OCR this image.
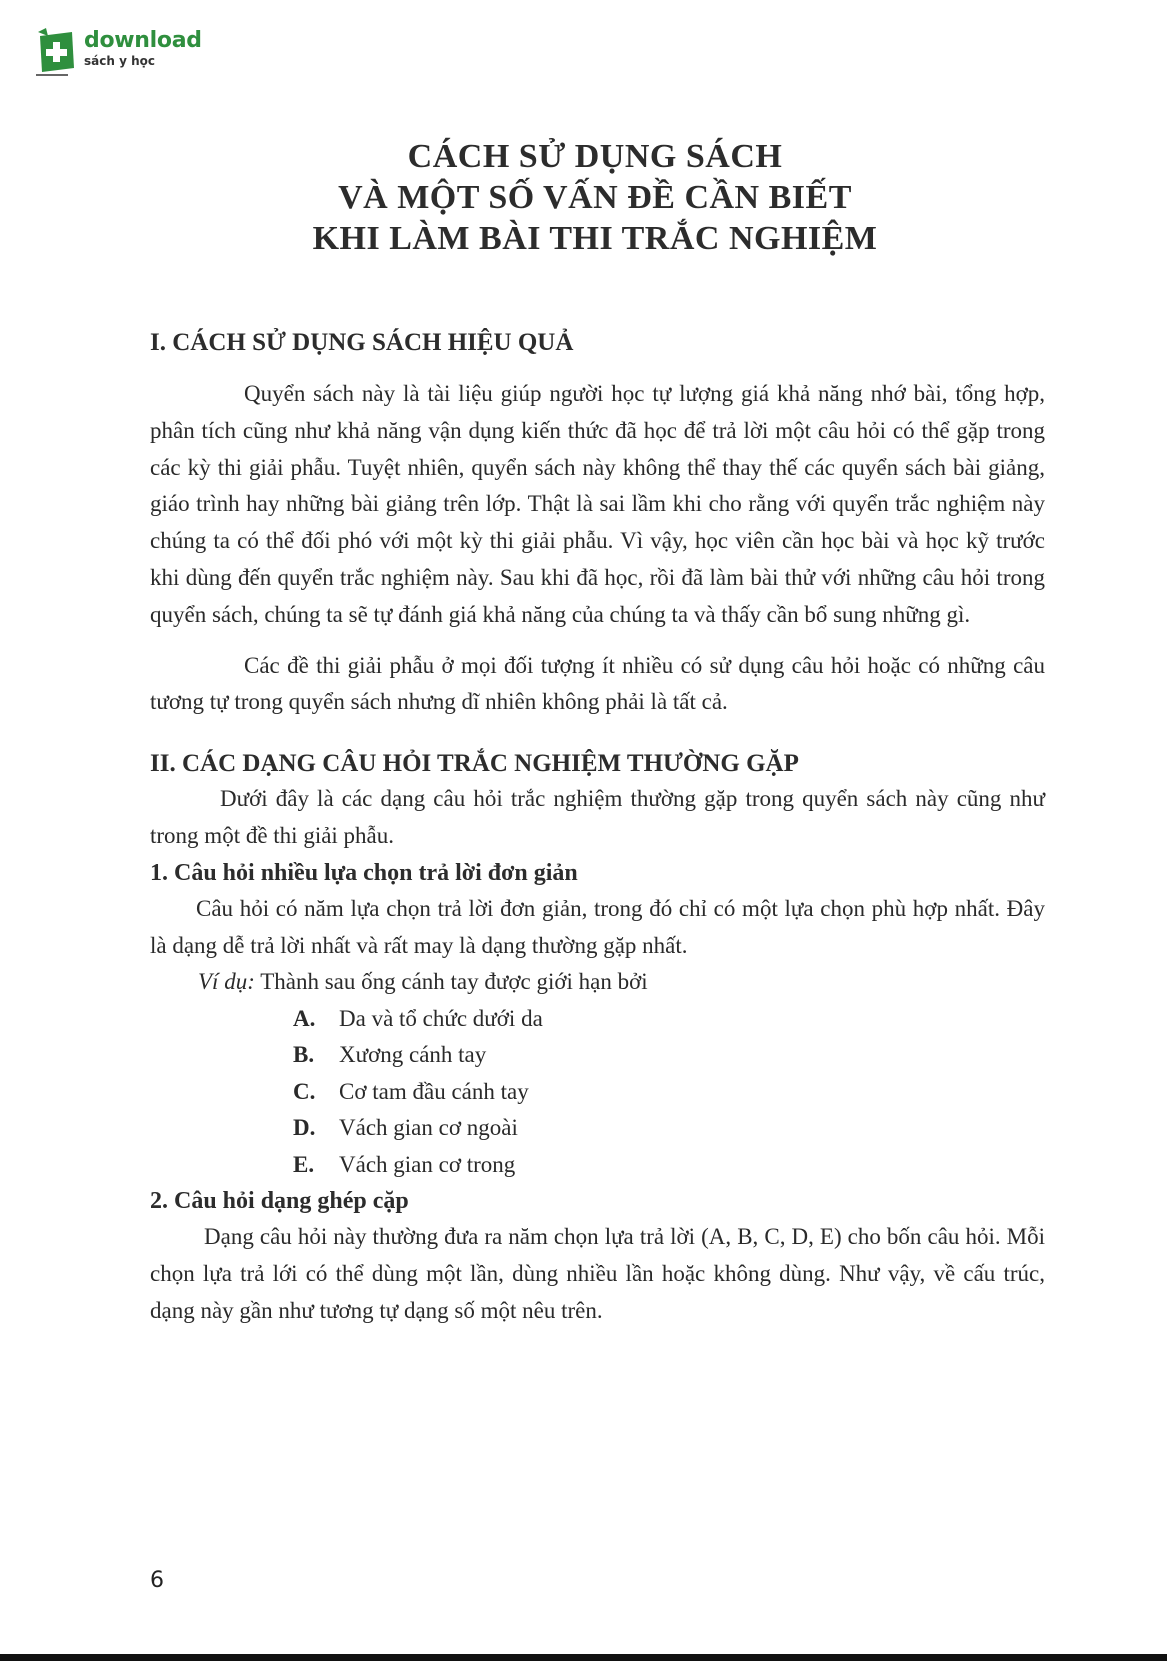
download
sách y học
CÁCH SỬ DỤNG SÁCH
VÀ MỘT SỐ VẤN ĐỀ CẦN BIẾT
KHI LÀM BÀI THI TRẮC NGHIỆM
I. CÁCH SỬ DỤNG SÁCH HIỆU QUẢ

Quyển sách này là tài liệu giúp người học tự lượng giá khả năng nhớ bài, tổng hợp, phân tích cũng như khả năng vận dụng kiến thức đã học để trả lời một câu hỏi có thể gặp trong các kỳ thi giải phẫu. Tuyệt nhiên, quyển sách này không thể thay thế các quyển sách bài giảng, giáo trình hay những bài giảng trên lớp. Thật là sai lầm khi cho rằng với quyển trắc nghiệm này chúng ta có thể đối phó với một kỳ thi giải phẫu. Vì vậy, học viên cần học bài và học kỹ trước khi dùng đến quyển trắc nghiệm này. Sau khi đã học, rồi đã làm bài thử với những câu hỏi trong quyển sách, chúng ta sẽ tự đánh giá khả năng của chúng ta và thấy cần bổ sung những gì.

Các đề thi giải phẫu ở mọi đối tượng ít nhiều có sử dụng câu hỏi hoặc có những câu tương tự trong quyển sách nhưng dĩ nhiên không phải là tất cả.

II. CÁC DẠNG CÂU HỎI TRẮC NGHIỆM THƯỜNG GẶP

Dưới đây là các dạng câu hỏi trắc nghiệm thường gặp trong quyển sách này cũng như trong một đề thi giải phẫu.

1. Câu hỏi nhiều lựa chọn trả lời đơn giản

Câu hỏi có năm lựa chọn trả lời đơn giản, trong đó chỉ có một lựa chọn phù hợp nhất. Đây là dạng dễ trả lời nhất và rất may là dạng thường gặp nhất.

Ví dụ: Thành sau ống cánh tay được giới hạn bởi
A. Da và tổ chức dưới da
B. Xương cánh tay
C. Cơ tam đầu cánh tay
D. Vách gian cơ ngoài
E. Vách gian cơ trong
2. Câu hỏi dạng ghép cặp

Dạng câu hỏi này thường đưa ra năm chọn lựa trả lời (A, B, C, D, E) cho bốn câu hỏi. Mỗi chọn lựa trả lới có thể dùng một lần, dùng nhiều lần hoặc không dùng. Như vậy, về cấu trúc, dạng này gần như tương tự dạng số một nêu trên.

6
